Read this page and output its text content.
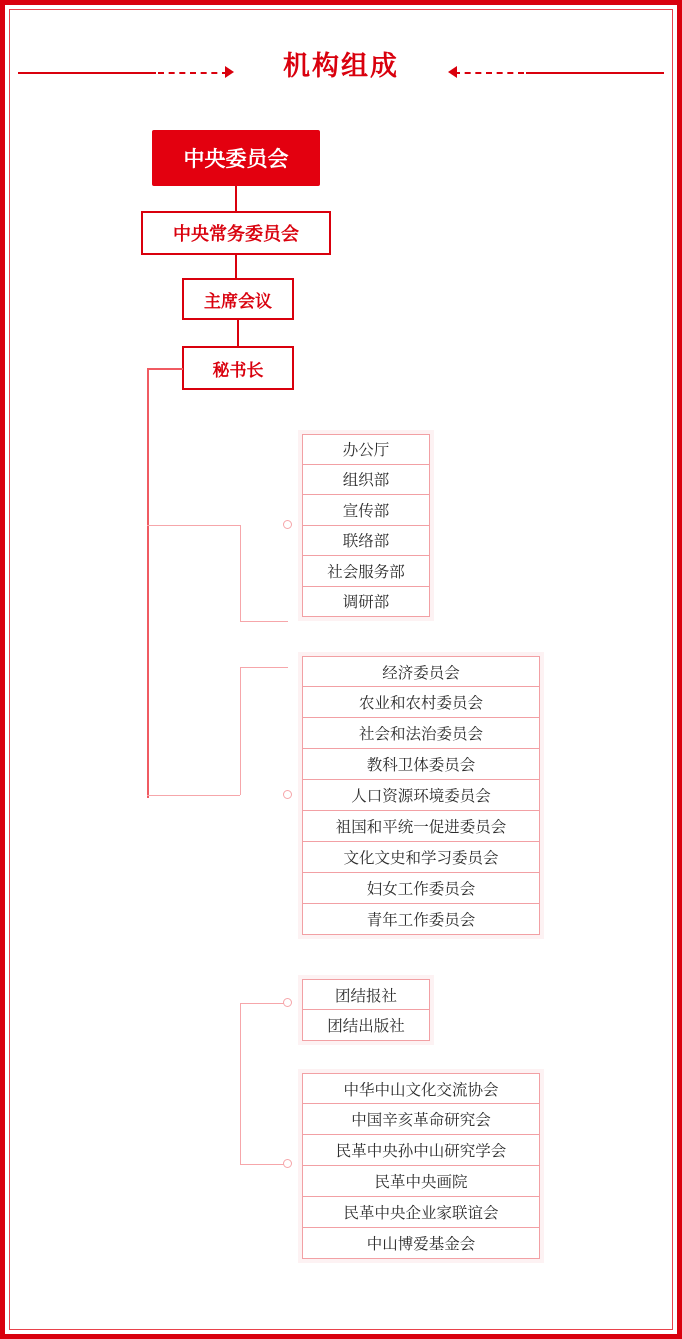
机构组成
中央委员会
中央常务委员会
主席会议
秘书长
办公厅
组织部
宣传部
联络部
社会服务部
调研部
经济委员会
农业和农村委员会
社会和法治委员会
教科卫体委员会
人口资源环境委员会
祖国和平统一促进委员会
文化文史和学习委员会
妇女工作委员会
青年工作委员会
团结报社
团结出版社
中华中山文化交流协会
中国辛亥革命研究会
民革中央孙中山研究学会
民革中央画院
民革中央企业家联谊会
中山博爱基金会
